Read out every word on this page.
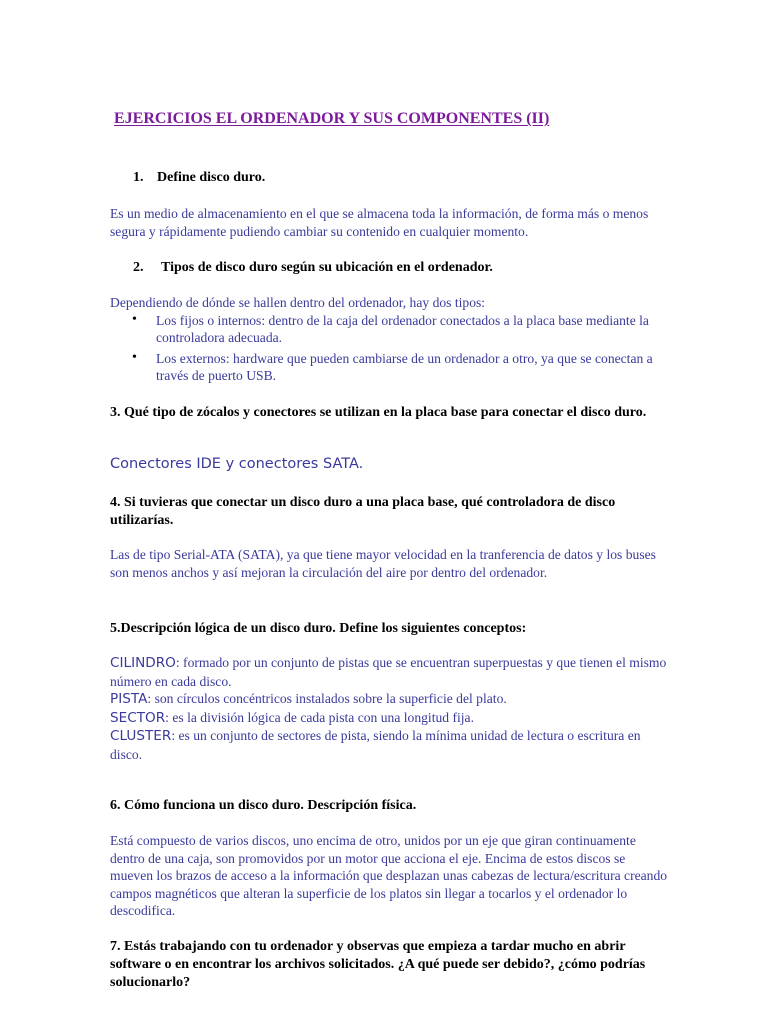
EJERCICIOS EL ORDENADOR Y SUS COMPONENTES (II)
1. Define disco duro.

Es un medio de almacenamiento en el que se almacena toda la información, de forma más o menos segura y rápidamente pudiendo cambiar su contenido en cualquier momento.

2. Tipos de disco duro según su ubicación en el ordenador.
Dependiendo de dónde se hallen dentro del ordenador, hay dos tipos:
• Los fijos o internos: dentro de la caja del ordenador conectados a la placa base mediante la controladora adecuada.
• Los externos: hardware que pueden cambiarse de un ordenador a otro, ya que se conectan a través de puerto USB.

3. Qué tipo de zócalos y conectores se utilizan en la placa base para conectar el disco duro.

Conectores IDE y conectores SATA.

4. Si tuvieras que conectar un disco duro a una placa base, qué controladora de disco utilizarías.

Las de tipo Serial-ATA (SATA), ya que tiene mayor velocidad en la tranferencia de datos y los buses son menos anchos y así mejoran la circulación del aire por dentro del ordenador.

5.Descripción lógica de un disco duro. Define los siguientes conceptos:

CILINDRO: formado por un conjunto de pistas que se encuentran superpuestas y que tienen el mismo número en cada disco.
PISTA: son círculos concéntricos instalados sobre la superficie del plato.
SECTOR: es la división lógica de cada pista con una longitud fija.
CLUSTER: es un conjunto de sectores de pista, siendo la mínima unidad de lectura o escritura en disco.

6. Cómo funciona un disco duro. Descripción física.

Está compuesto de varios discos, uno encima de otro, unidos por un eje que giran continuamente dentro de una caja, son promovidos por un motor que acciona el eje. Encima de estos discos se mueven los brazos de acceso a la información que desplazan unas cabezas de lectura/escritura creando campos magnéticos que alteran la superficie de los platos sin llegar a tocarlos y el ordenador lo descodifica.

7. Estás trabajando con tu ordenador y observas que empieza a tardar mucho en abrir software o en encontrar los archivos solicitados. ¿A qué puede ser debido?, ¿cómo podrías solucionarlo?
